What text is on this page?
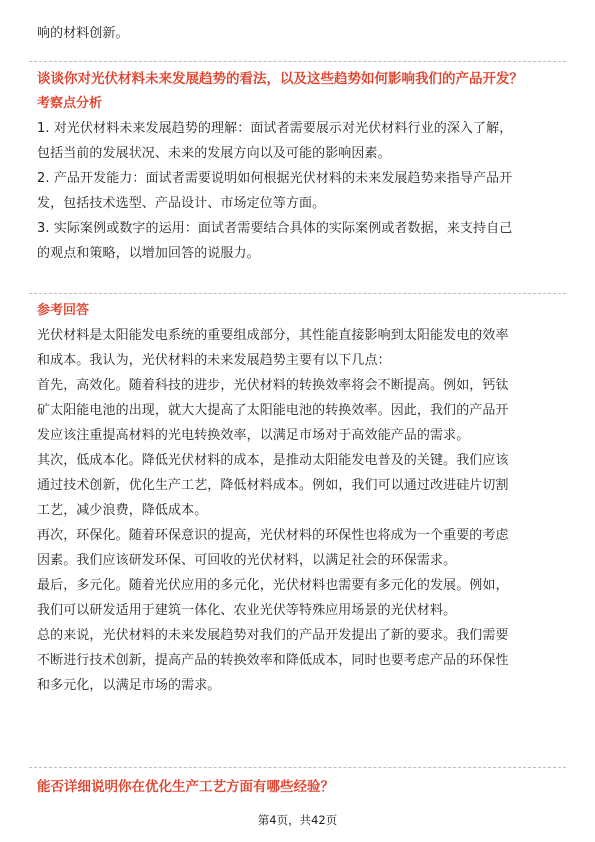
响的材料创新。

谈谈你对光伏材料未来发展趋势的看法，以及这些趋势如何影响我们的产品开发？

考察点分析

1. 对光伏材料未来发展趋势的理解：面试者需要展示对光伏材料行业的深入了解，

包括当前的发展状况、未来的发展方向以及可能的影响因素。

2. 产品开发能力：面试者需要说明如何根据光伏材料的未来发展趋势来指导产品开

发，包括技术选型、产品设计、市场定位等方面。

3. 实际案例或数字的运用：面试者需要结合具体的实际案例或者数据，来支持自己

的观点和策略，以增加回答的说服力。

参考回答

光伏材料是太阳能发电系统的重要组成部分，其性能直接影响到太阳能发电的效率

和成本。我认为，光伏材料的未来发展趋势主要有以下几点：

首先，高效化。随着科技的进步，光伏材料的转换效率将会不断提高。例如，钙钛

矿太阳能电池的出现，就大大提高了太阳能电池的转换效率。因此，我们的产品开

发应该注重提高材料的光电转换效率，以满足市场对于高效能产品的需求。

其次，低成本化。降低光伏材料的成本，是推动太阳能发电普及的关键。我们应该

通过技术创新，优化生产工艺，降低材料成本。例如，我们可以通过改进硅片切割

工艺，减少浪费，降低成本。

再次，环保化。随着环保意识的提高，光伏材料的环保性也将成为一个重要的考虑

因素。我们应该研发环保、可回收的光伏材料，以满足社会的环保需求。

最后，多元化。随着光伏应用的多元化，光伏材料也需要有多元化的发展。例如，

我们可以研发适用于建筑一体化、农业光伏等特殊应用场景的光伏材料。

总的来说，光伏材料的未来发展趋势对我们的产品开发提出了新的要求。我们需要

不断进行技术创新，提高产品的转换效率和降低成本，同时也要考虑产品的环保性

和多元化，以满足市场的需求。

能否详细说明你在优化生产工艺方面有哪些经验？

第4页，共42页
